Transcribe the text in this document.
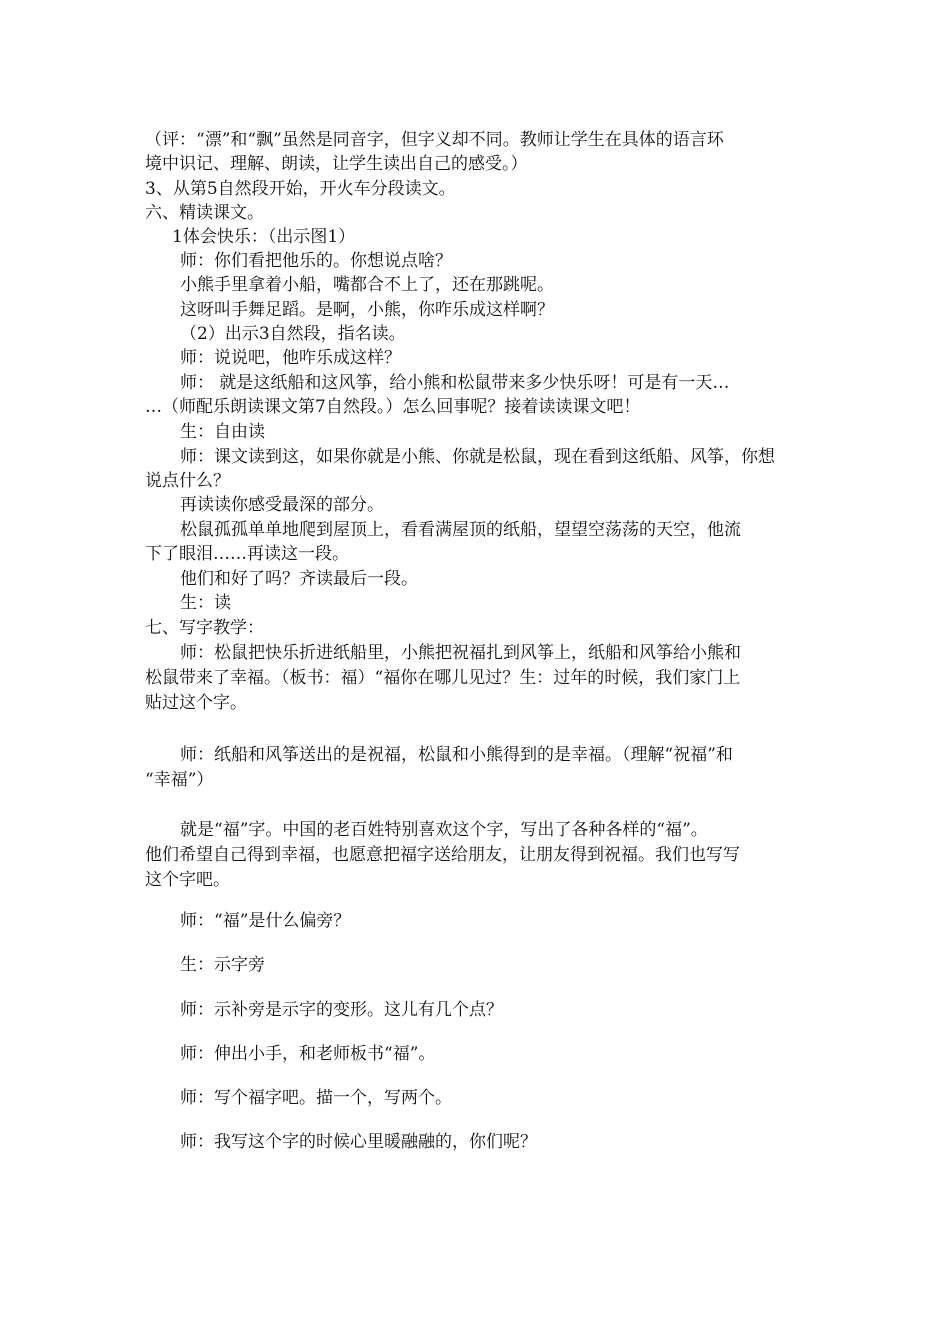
（评：“漂”和“飘”虽然是同音字，但字义却不同。教师让学生在具体的语言环
境中识记、理解、朗读，让学生读出自己的感受。）
3、从第5自然段开始，开火车分段读文。
六、精读课文。
1体会快乐：（出示图1）
师：你们看把他乐的。你想说点啥？
小熊手里拿着小船，嘴都合不上了，还在那跳呢。
这呀叫手舞足蹈。是啊，小熊，你咋乐成这样啊？
（2）出示3自然段，指名读。
师：说说吧，他咋乐成这样？
师： 就是这纸船和这风筝，给小熊和松鼠带来多少快乐呀！可是有一天…
…（师配乐朗读课文第7自然段。）怎么回事呢？接着读读课文吧！
生：自由读
师：课文读到这，如果你就是小熊、你就是松鼠，现在看到这纸船、风筝，你想
说点什么？
再读读你感受最深的部分。
松鼠孤孤单单地爬到屋顶上，看看满屋顶的纸船，望望空荡荡的天空，他流
下了眼泪……再读这一段。
他们和好了吗？齐读最后一段。
生：读
七、写字教学：
师：松鼠把快乐折进纸船里，小熊把祝福扎到风筝上，纸船和风筝给小熊和
松鼠带来了幸福。（板书：福）“福你在哪儿见过？生：过年的时候，我们家门上
贴过这个字。
师：纸船和风筝送出的是祝福，松鼠和小熊得到的是幸福。（理解“祝福”和
“幸福”）
就是“福”字。中国的老百姓特别喜欢这个字，写出了各种各样的“福”。
他们希望自己得到幸福，也愿意把福字送给朋友，让朋友得到祝福。我们也写写
这个字吧。
师：“福”是什么偏旁？
生：示字旁
师：示补旁是示字的变形。这儿有几个点？
师：伸出小手，和老师板书“福”。
师：写个福字吧。描一个，写两个。
师：我写这个字的时候心里暖融融的，你们呢？
